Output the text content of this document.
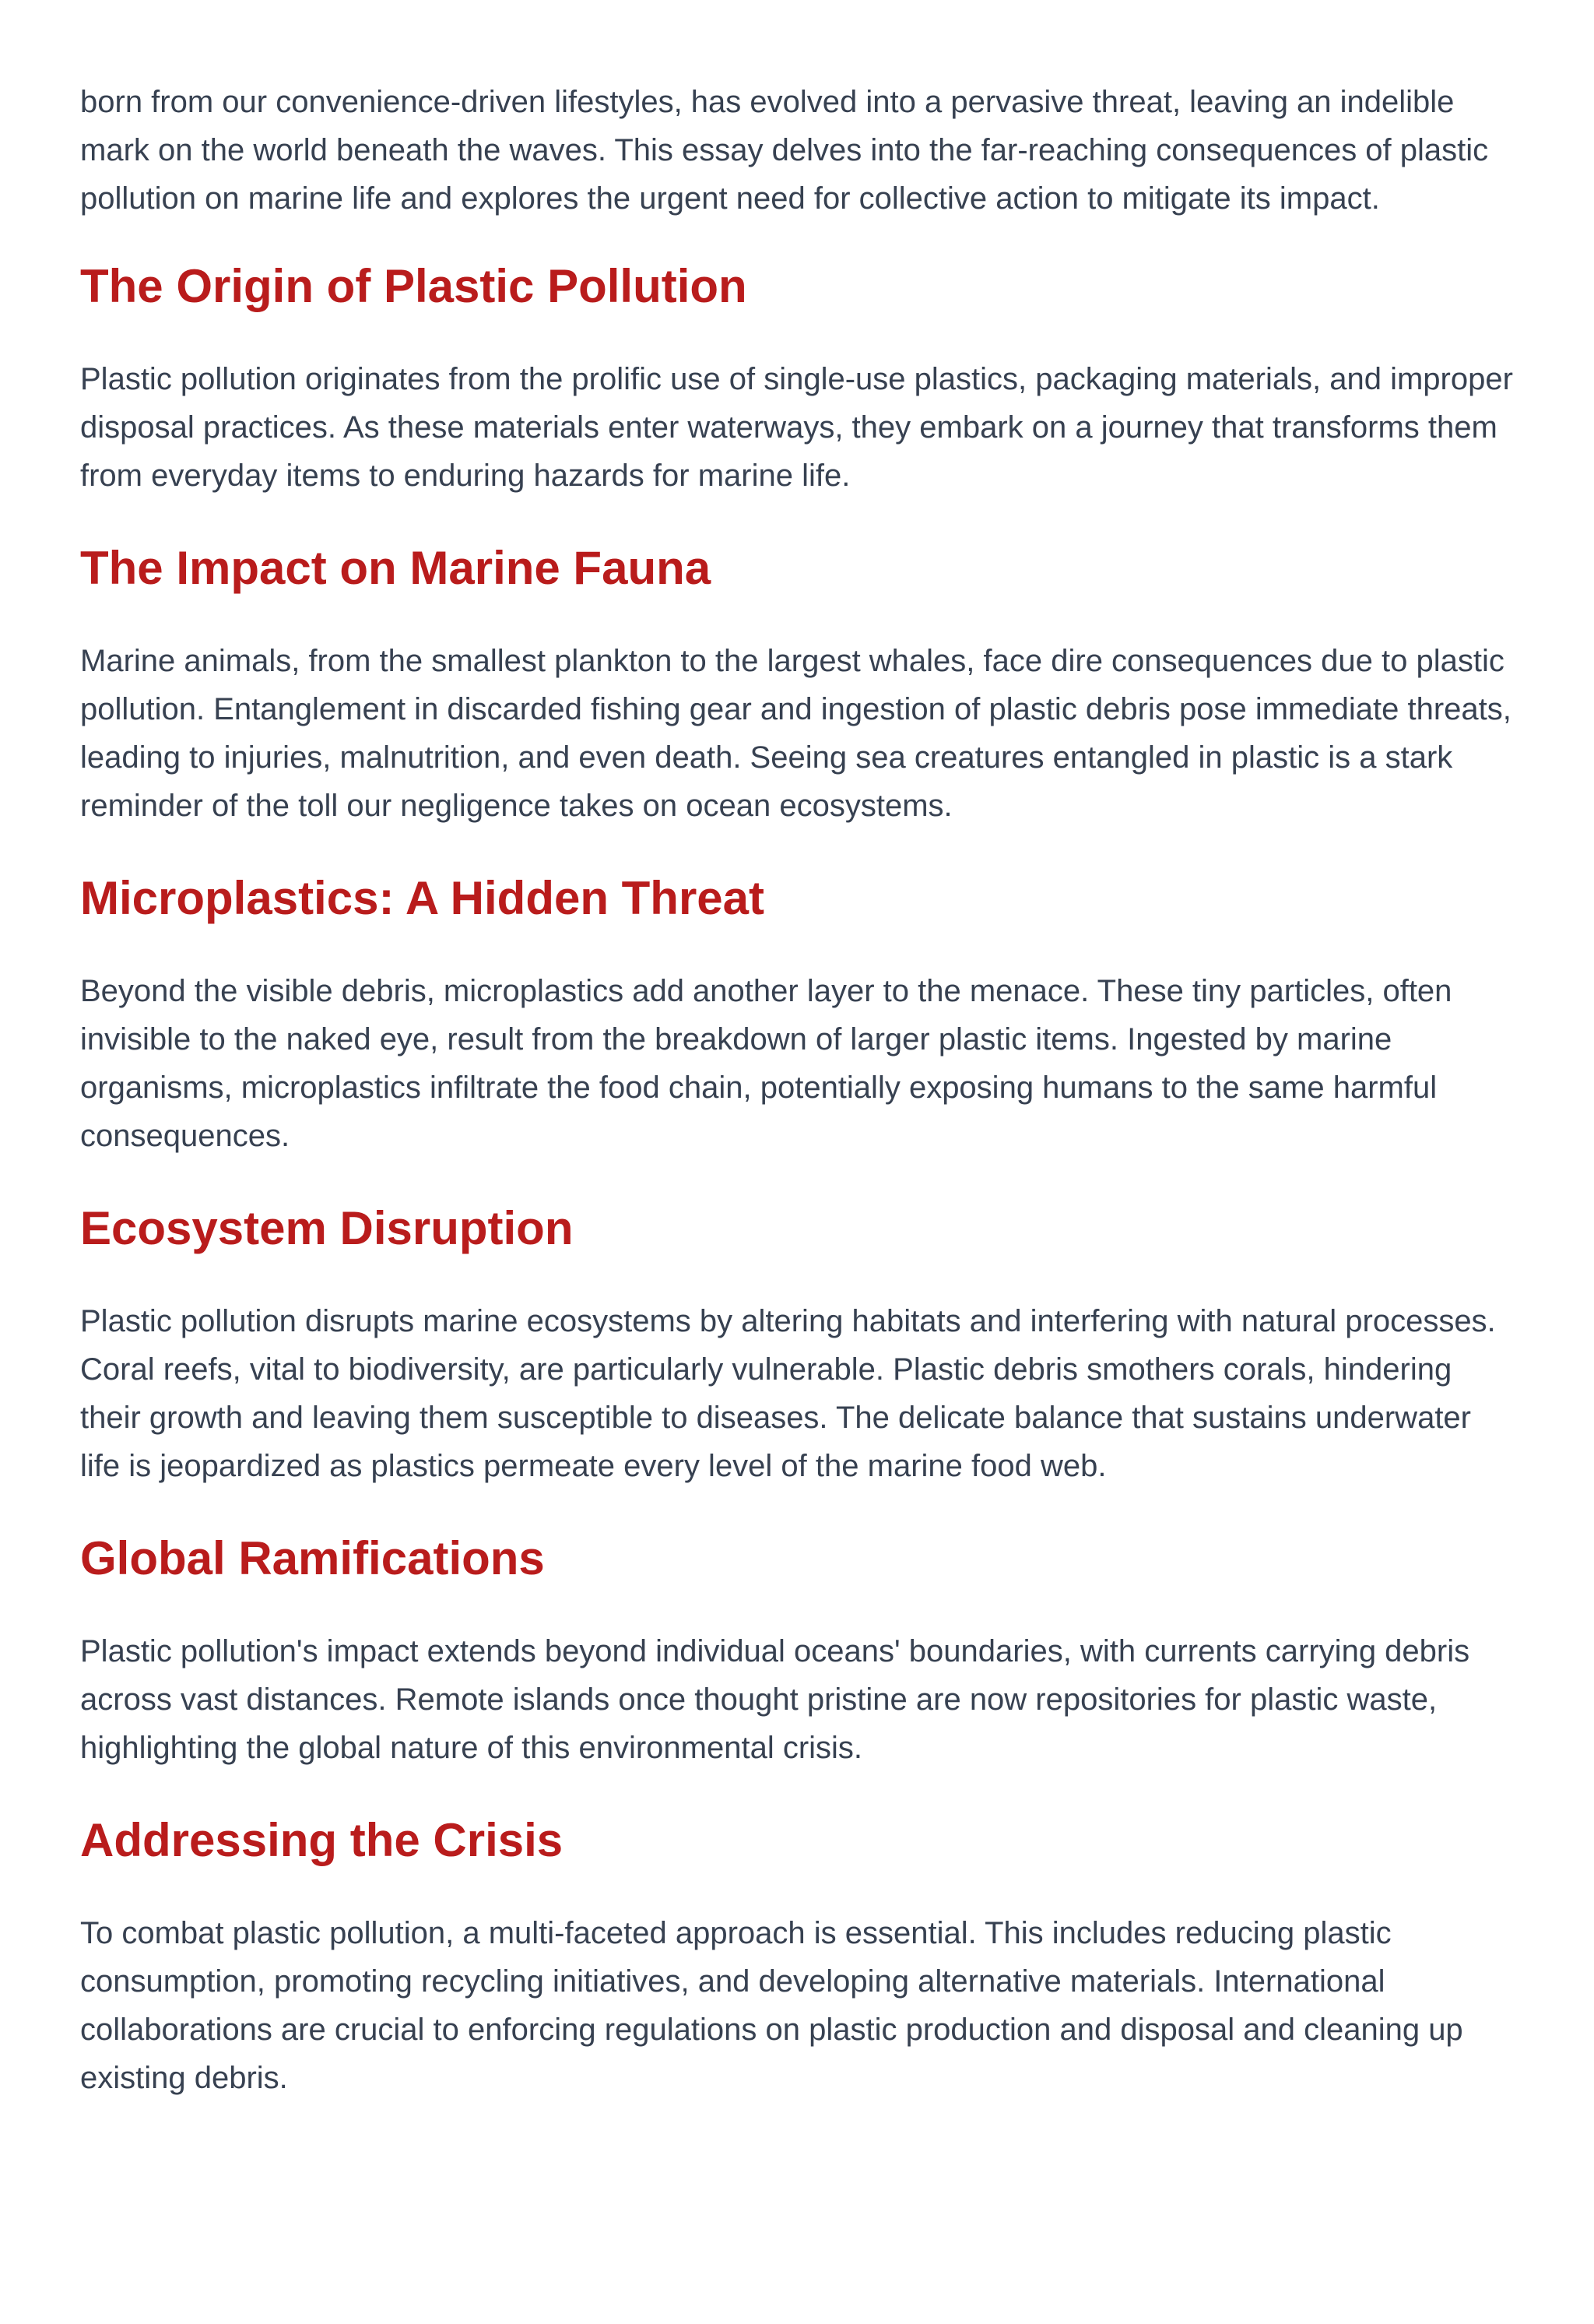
born from our convenience-driven lifestyles, has evolved into a pervasive threat, leaving an indelible mark on the world beneath the waves. This essay delves into the far-reaching consequences of plastic pollution on marine life and explores the urgent need for collective action to mitigate its impact.

The Origin of Plastic Pollution

Plastic pollution originates from the prolific use of single-use plastics, packaging materials, and improper disposal practices. As these materials enter waterways, they embark on a journey that transforms them from everyday items to enduring hazards for marine life.

The Impact on Marine Fauna

Marine animals, from the smallest plankton to the largest whales, face dire consequences due to plastic pollution. Entanglement in discarded fishing gear and ingestion of plastic debris pose immediate threats, leading to injuries, malnutrition, and even death. Seeing sea creatures entangled in plastic is a stark reminder of the toll our negligence takes on ocean ecosystems.

Microplastics: A Hidden Threat

Beyond the visible debris, microplastics add another layer to the menace. These tiny particles, often invisible to the naked eye, result from the breakdown of larger plastic items. Ingested by marine organisms, microplastics infiltrate the food chain, potentially exposing humans to the same harmful consequences.

Ecosystem Disruption

Plastic pollution disrupts marine ecosystems by altering habitats and interfering with natural processes. Coral reefs, vital to biodiversity, are particularly vulnerable. Plastic debris smothers corals, hindering their growth and leaving them susceptible to diseases. The delicate balance that sustains underwater life is jeopardized as plastics permeate every level of the marine food web.

Global Ramifications

Plastic pollution's impact extends beyond individual oceans' boundaries, with currents carrying debris across vast distances. Remote islands once thought pristine are now repositories for plastic waste, highlighting the global nature of this environmental crisis.

Addressing the Crisis

To combat plastic pollution, a multi-faceted approach is essential. This includes reducing plastic consumption, promoting recycling initiatives, and developing alternative materials. International collaborations are crucial to enforcing regulations on plastic production and disposal and cleaning up existing debris.
